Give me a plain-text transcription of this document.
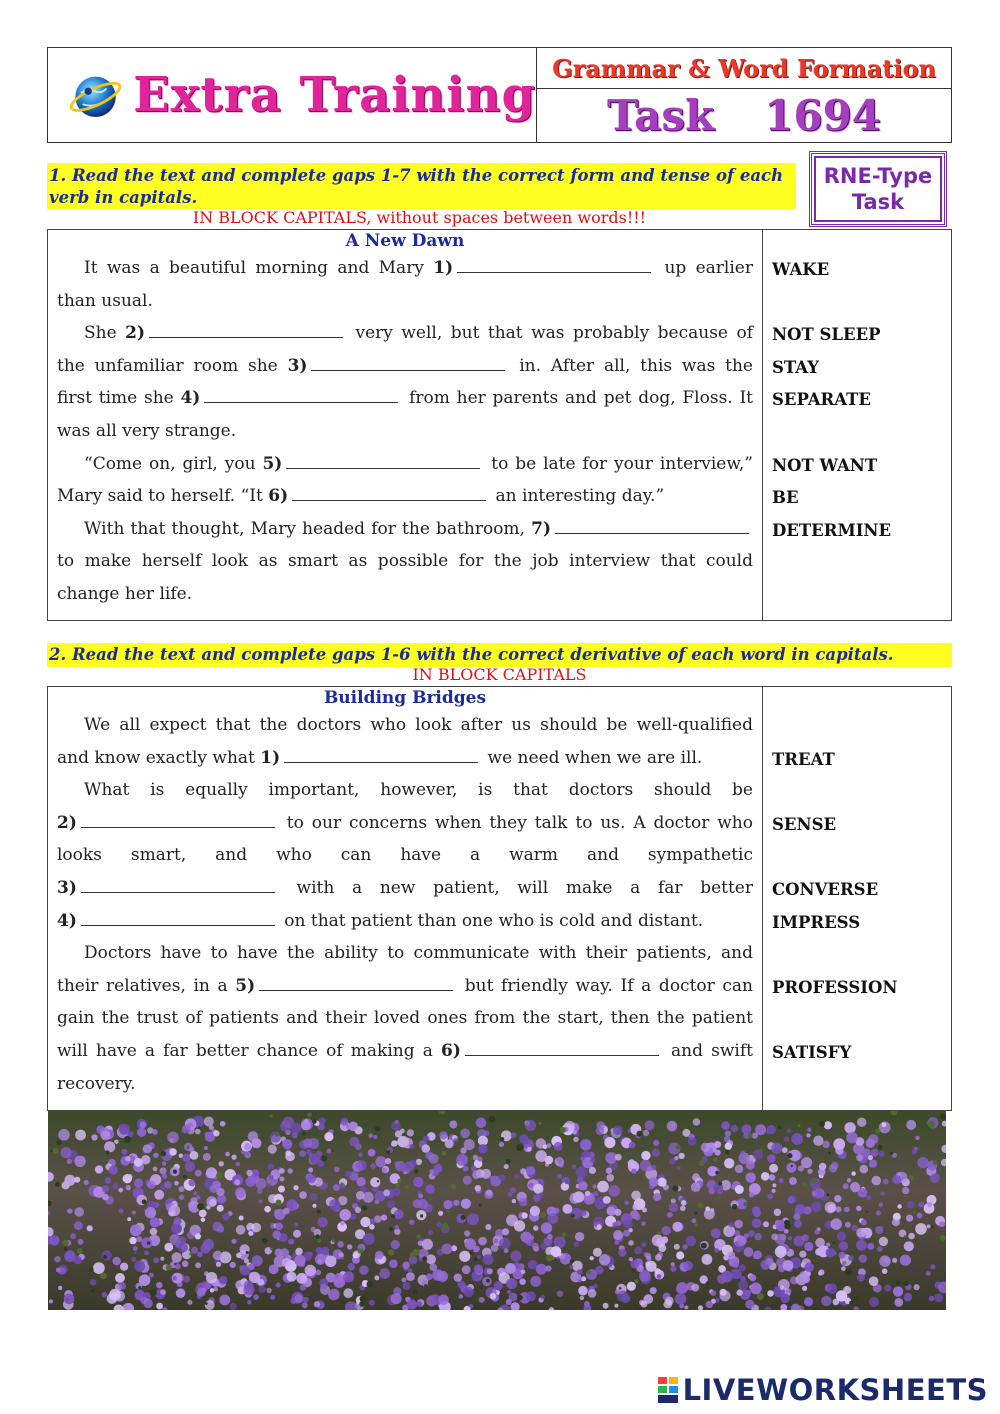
Extra Training Grammar & Word Formation
Task 1694
1. Read the text and complete gaps 1-7 with the correct form and tense of each verb in capitals.
IN BLOCK CAPITALS, without spaces between words!!!
RNE-Type
Task
A New Dawn
It was a beautiful morning and Mary 1)	up earlier
than usual.
She 2)	very well, but that was probably because of
the unfamiliar room she 3)	in. After all, this was the
first time she 4)	from her parents and pet dog, Floss. It
was all very strange.
“Come on, girl, you 5)	to be late for your interview,”
Mary said to herself. “It 6)	an interesting day.”
With that thought, Mary headed for the bathroom, 7)
to make herself look as smart as possible for the job interview that could
change her life.
WAKE
NOT SLEEP
STAY
SEPARATE
NOT WANT
BE
DETERMINE
2. Read the text and complete gaps 1-6 with the correct derivative of each word in capitals.
IN BLOCK CAPITALS
Building Bridges
We all expect that the doctors who look after us should be well-qualified
and know exactly what 1)	we need when we are ill.
What is equally important, however, is that doctors should be
2)	to our concerns when they talk to us. A doctor who
looks smart, and who can have a warm and sympathetic
3)	with a new patient, will make a far better
4)	on that patient than one who is cold and distant.
Doctors have to have the ability to communicate with their patients, and
their relatives, in a 5)	but friendly way. If a doctor can
gain the trust of patients and their loved ones from the start, then the patient
will have a far better chance of making a 6)	and swift
recovery.
TREAT
SENSE
CONVERSE
IMPRESS
PROFESSION
SATISFY
LIVEWORKSHEETS
